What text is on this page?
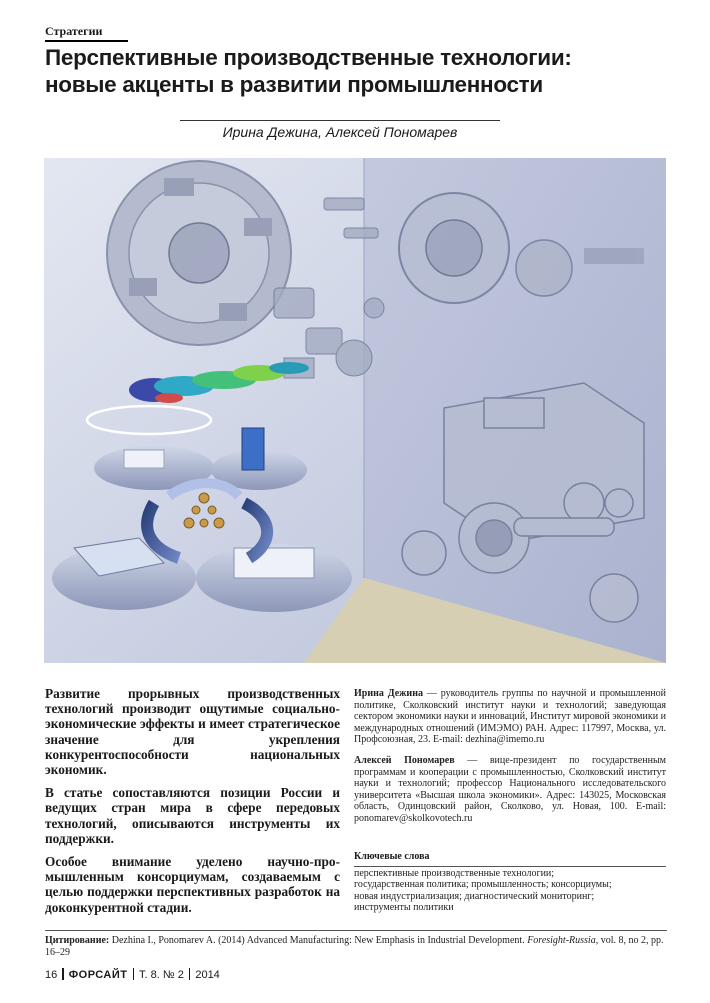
Стратегии
Перспективные производственные технологии:
новые акценты в развитии промышленности
Ирина Дежина, Алексей Пономарев

Развитие прорывных производственных технологий производит ощутимые социально-экономические эффекты и имеет стратегическое значение для укрепления конкурентоспособности национальных экономик.

В статье сопоставляются позиции России и ведущих стран мира в сфере передовых технологий, описываются инструменты их поддержки.

Особое внимание уделено научно-промышленным консорциумам, создаваемым с целью поддержки перспективных разработок на доконкурентной стадии.

Ирина Дежина — руководитель группы по научной и промышленной политике, Сколковский институт науки и технологий; заведующая сектором экономики науки и инноваций, Институт мировой экономики и международных отношений (ИМЭМО) РАН. Адрес: 117997, Москва, ул. Профсоюзная, 23. E-mail: dezhina@imemo.ru

Алексей Пономарев — вице-президент по государственным программам и кооперации с промышленностью, Сколковский институт науки и технологий; профессор Национального исследовательского университета «Высшая школа экономики». Адрес: 143025, Московская область, Одинцовский район, Сколково, ул. Новая, 100. E-mail: ponomarev@skolkovotech.ru

Ключевые слова
перспективные производственные технологии;
государственная политика; промышленность; консорциумы;
новая индустриализация; диагностический мониторинг;
инструменты политики
Цитирование: Dezhina I., Ponomarev A. (2014) Advanced Manufacturing: New Emphasis in Industrial Development. Foresight-Russia, vol. 8, no 2, pp. 16–29
16 ФОРСАЙТ Т. 8. № 2 2014
